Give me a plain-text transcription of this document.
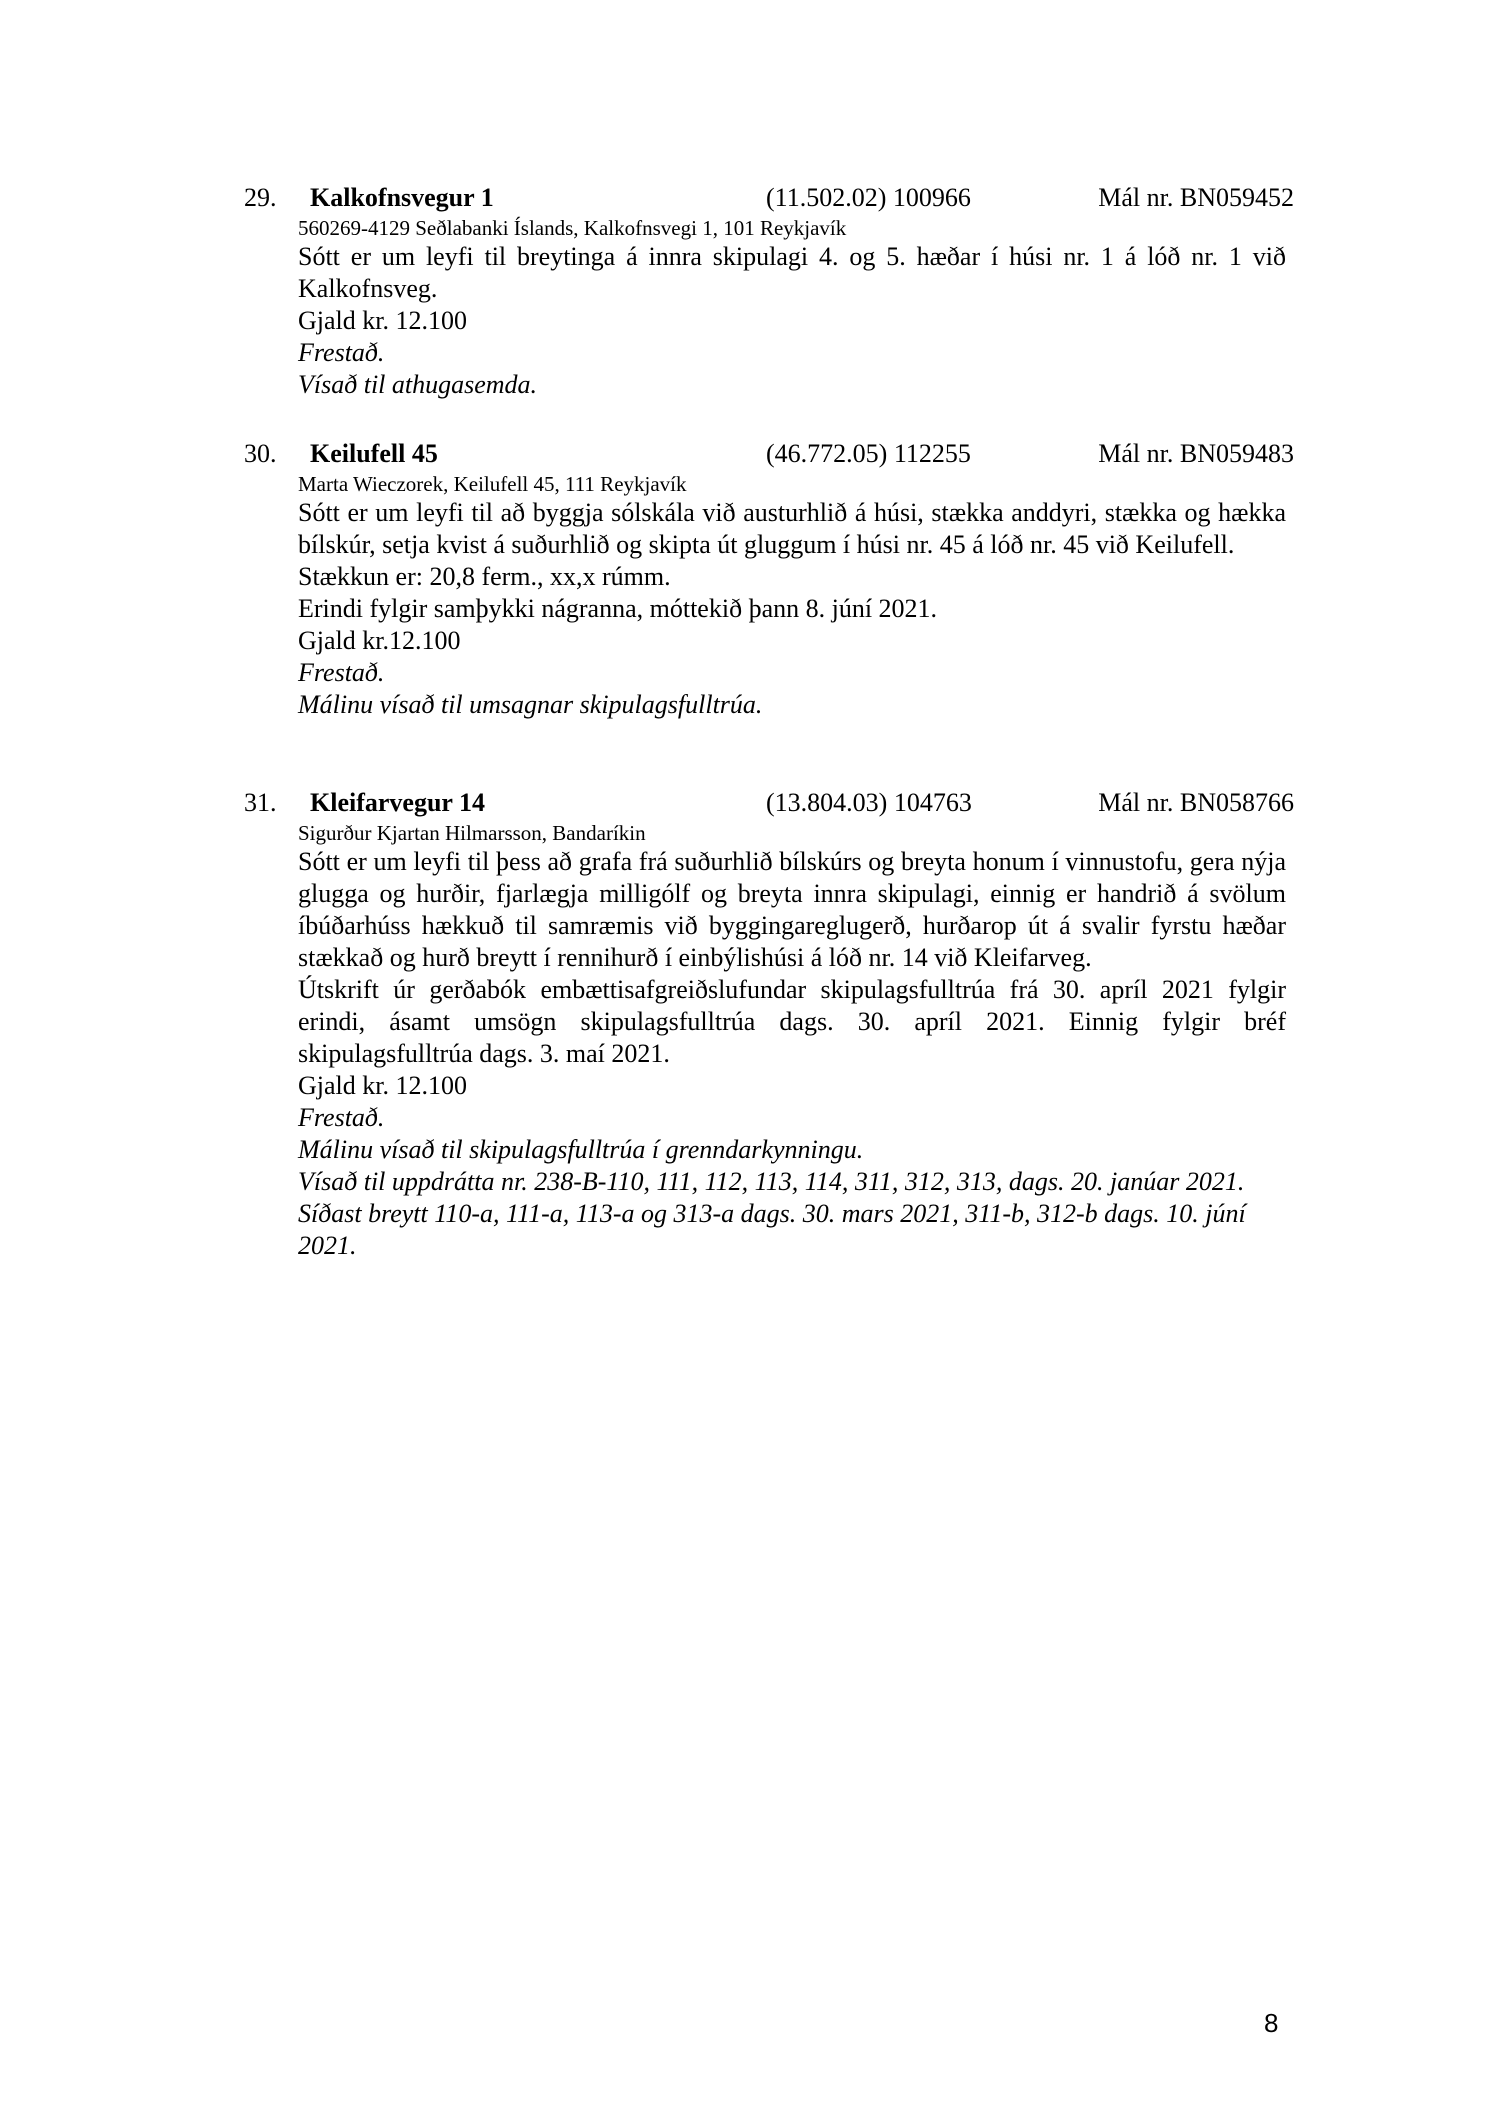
29. Kalkofnsvegur 1	(11.502.02) 100966	Mál nr. BN059452
560269-4129 Seðlabanki Íslands, Kalkofnsvegi 1, 101 Reykjavík
Sótt er um leyfi til breytinga á innra skipulagi 4. og 5. hæðar í húsi nr. 1 á lóð nr. 1 við Kalkofnsveg.
Gjald kr. 12.100
Frestað.
Vísað til athugasemda.
30. Keilufell 45	(46.772.05) 112255	Mál nr. BN059483
Marta Wieczorek, Keilufell 45, 111 Reykjavík
Sótt er um leyfi til að byggja sólskála við austurhlið á húsi, stækka anddyri, stækka og hækka bílskúr, setja kvist á suðurhlið og skipta út gluggum í húsi nr. 45 á lóð nr. 45 við Keilufell.
Stækkun er: 20,8 ferm., xx,x rúmm.
Erindi fylgir samþykki nágranna, móttekið þann 8. júní 2021.
Gjald kr.12.100
Frestað.
Málinu vísað til umsagnar skipulagsfulltrúa.
31. Kleifarvegur 14	(13.804.03) 104763	Mál nr. BN058766
Sigurður Kjartan Hilmarsson, Bandaríkin
Sótt er um leyfi til þess að grafa frá suðurhlið bílskúrs og breyta honum í vinnustofu, gera nýja glugga og hurðir, fjarlægja milligólf og breyta innra skipulagi, einnig er handrið á svölum íbúðarhúss hækkuð til samræmis við byggingareglugerð, hurðarop út á svalir fyrstu hæðar stækkað og hurð breytt í rennihurð í einbýlishúsi á lóð nr. 14 við Kleifarveg.
Útskrift úr gerðabók embættisafgreiðslufundar skipulagsfulltrúa frá 30. apríl 2021 fylgir erindi, ásamt umsögn skipulagsfulltrúa dags. 30. apríl 2021. Einnig fylgir bréf skipulagsfulltrúa dags. 3. maí 2021.
Gjald kr. 12.100
Frestað.
Málinu vísað til skipulagsfulltrúa í grenndarkynningu.
Vísað til uppdrátta nr. 238-B-110, 111, 112, 113, 114, 311, 312, 313, dags. 20. janúar 2021.
Síðast breytt 110-a, 111-a, 113-a og 313-a dags. 30. mars 2021, 311-b, 312-b dags. 10. júní 2021.
8
